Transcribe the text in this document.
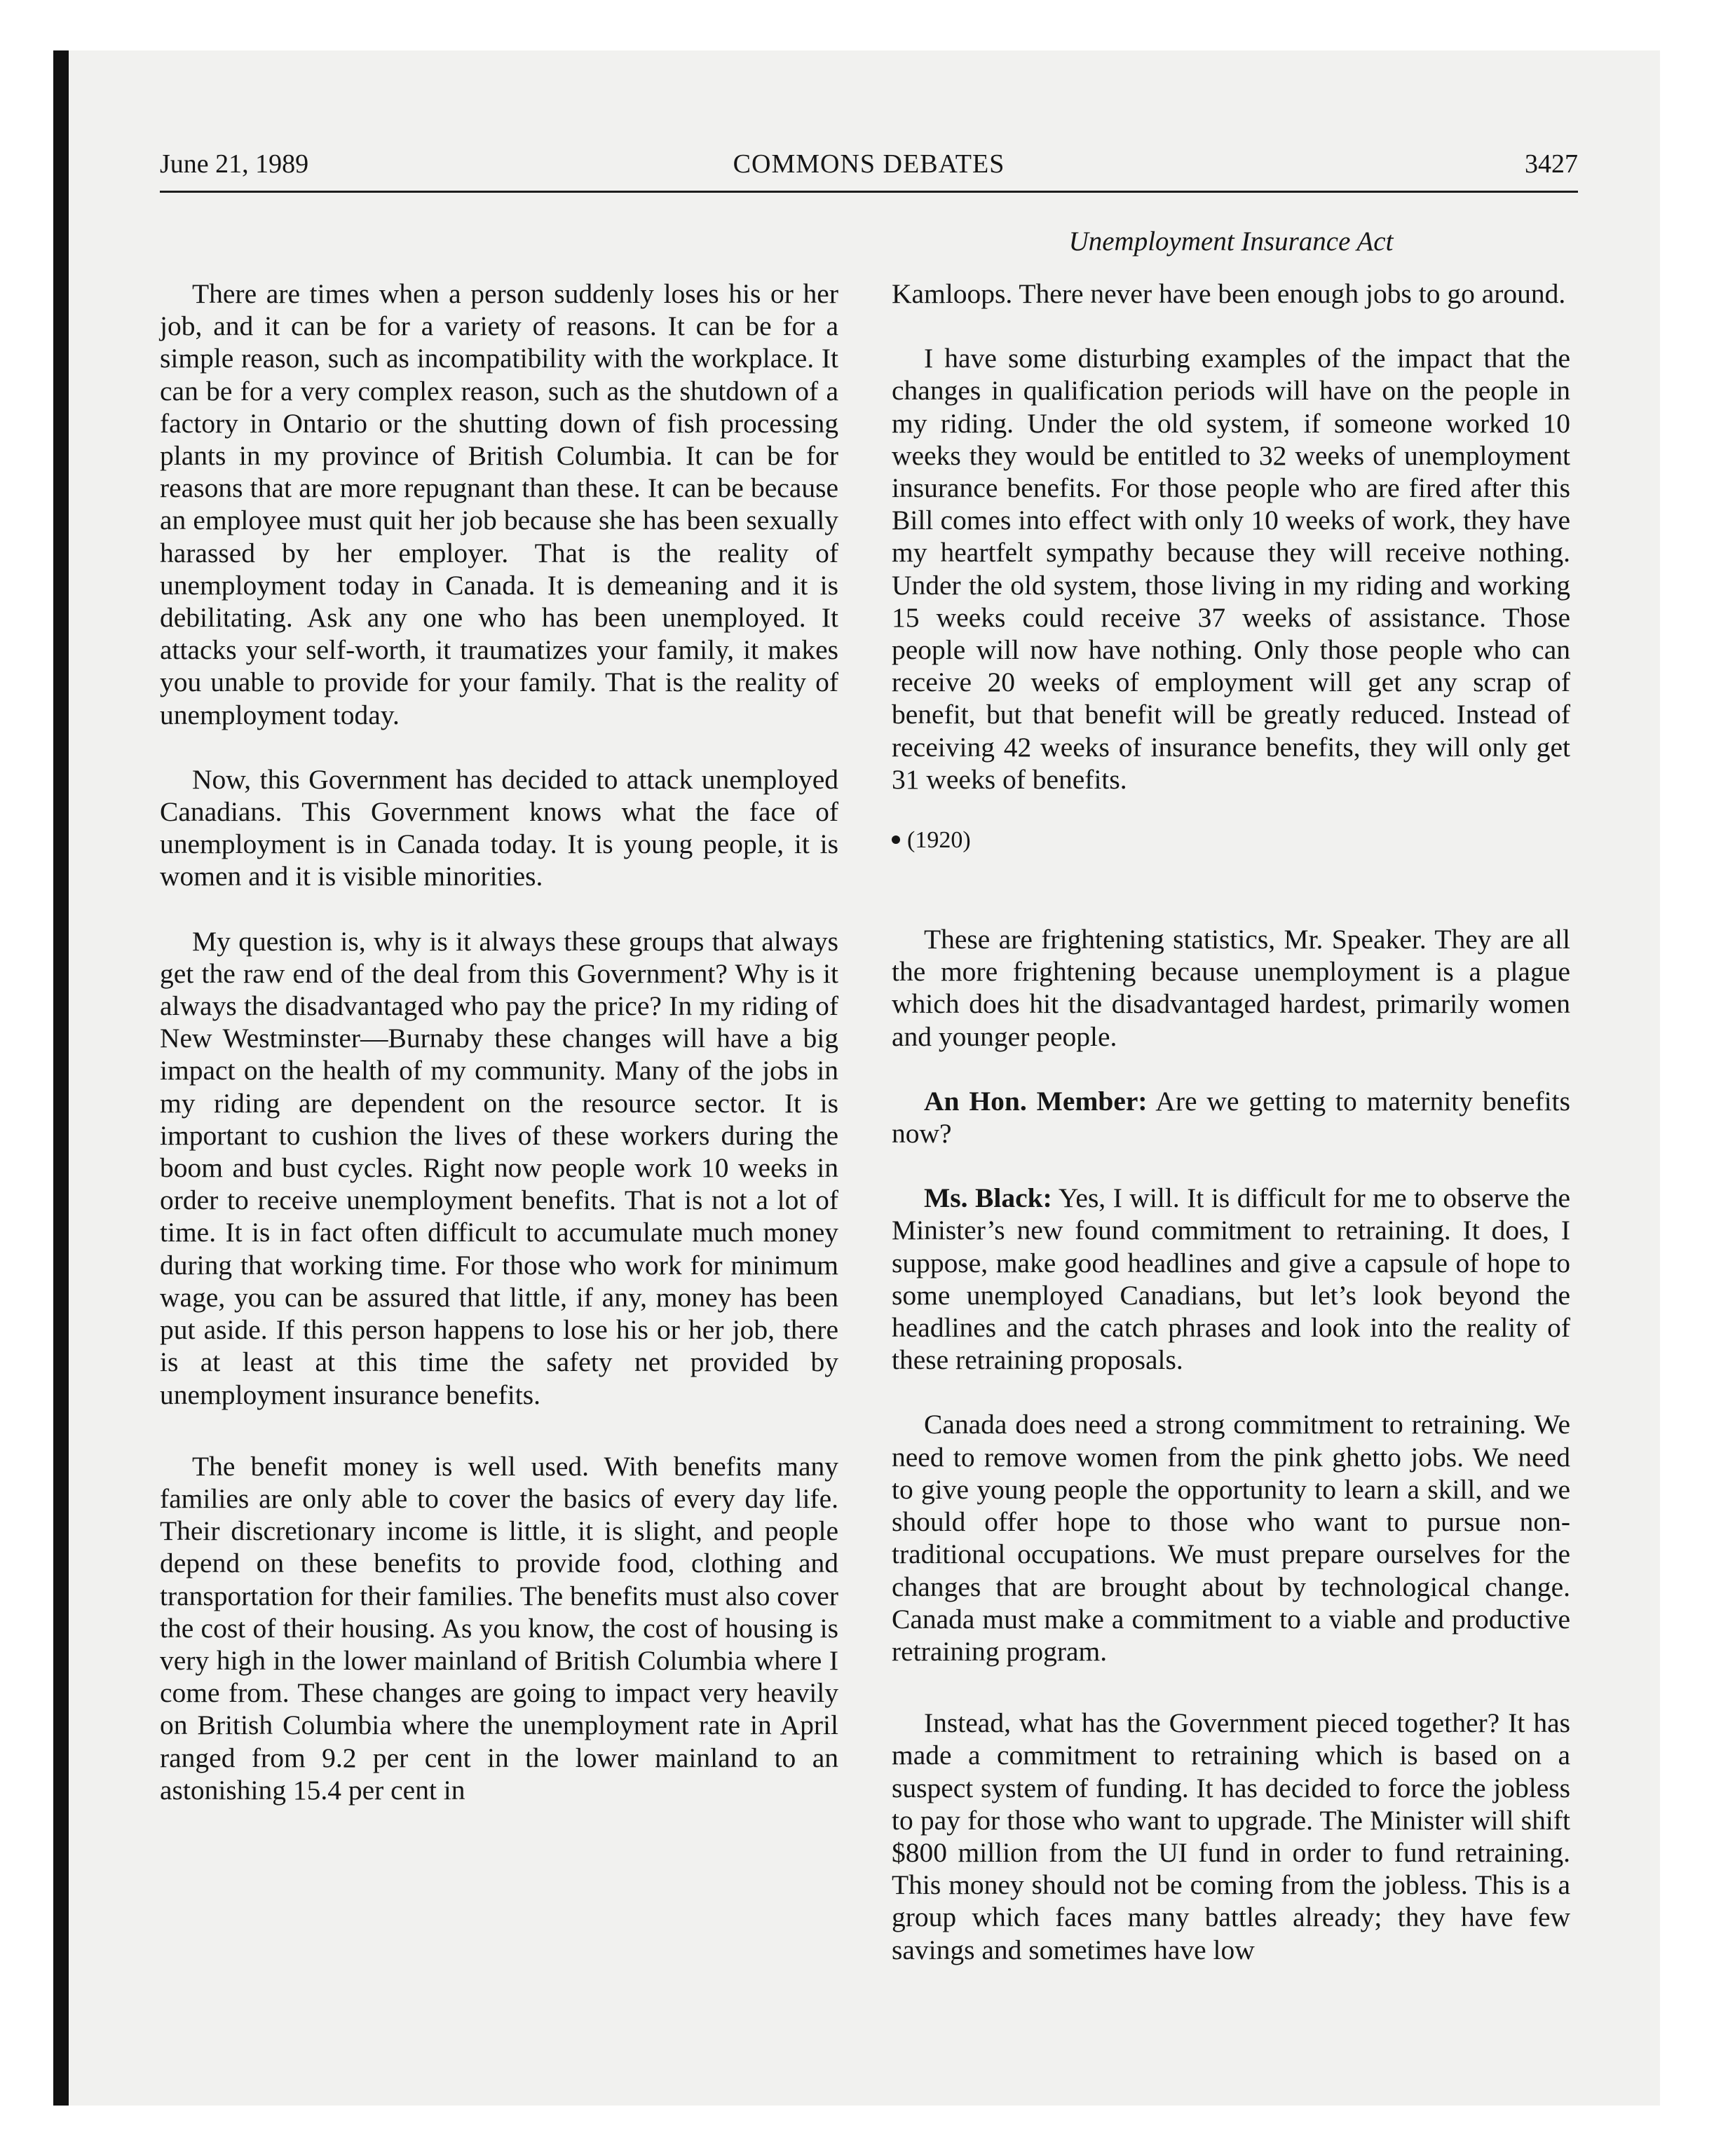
June 21, 1989	COMMONS DEBATES	3427
Unemployment Insurance Act

There are times when a person suddenly loses his or her job, and it can be for a variety of reasons. It can be for a simple reason, such as incompatibility with the workplace. It can be for a very complex reason, such as the shutdown of a factory in Ontario or the shutting down of fish processing plants in my province of British Columbia. It can be for reasons that are more repugnant than these. It can be because an employee must quit her job because she has been sexually harassed by her employer. That is the reality of unemployment today in Canada. It is demeaning and it is debilitating. Ask any one who has been unemployed. It attacks your self-worth, it traumatizes your family, it makes you unable to provide for your family. That is the reality of unemployment today.

Now, this Government has decided to attack unemployed Canadians. This Government knows what the face of unemployment is in Canada today. It is young people, it is women and it is visible minorities.

My question is, why is it always these groups that always get the raw end of the deal from this Government? Why is it always the disadvantaged who pay the price? In my riding of New Westminster—Burnaby these changes will have a big impact on the health of my community. Many of the jobs in my riding are dependent on the resource sector. It is important to cushion the lives of these workers during the boom and bust cycles. Right now people work 10 weeks in order to receive unemployment benefits. That is not a lot of time. It is in fact often difficult to accumulate much money during that working time. For those who work for minimum wage, you can be assured that little, if any, money has been put aside. If this person happens to lose his or her job, there is at least at this time the safety net provided by unemployment insurance benefits.

The benefit money is well used. With benefits many families are only able to cover the basics of every day life. Their discretionary income is little, it is slight, and people depend on these benefits to provide food, clothing and transportation for their families. The benefits must also cover the cost of their housing. As you know, the cost of housing is very high in the lower mainland of British Columbia where I come from. These changes are going to impact very heavily on British Columbia where the unemployment rate in April ranged from 9.2 per cent in the lower mainland to an astonishing 15.4 per cent in

Kamloops. There never have been enough jobs to go around.

I have some disturbing examples of the impact that the changes in qualification periods will have on the people in my riding. Under the old system, if someone worked 10 weeks they would be entitled to 32 weeks of unemployment insurance benefits. For those people who are fired after this Bill comes into effect with only 10 weeks of work, they have my heartfelt sympathy because they will receive nothing. Under the old system, those living in my riding and working 15 weeks could receive 37 weeks of assistance. Those people will now have nothing. Only those people who can receive 20 weeks of employment will get any scrap of benefit, but that benefit will be greatly reduced. Instead of receiving 42 weeks of insurance benefits, they will only get 31 weeks of benefits.

(1920)

These are frightening statistics, Mr. Speaker. They are all the more frightening because unemployment is a plague which does hit the disadvantaged hardest, primarily women and younger people.

An Hon. Member: Are we getting to maternity benefits now?

Ms. Black: Yes, I will. It is difficult for me to observe the Minister’s new found commitment to retraining. It does, I suppose, make good headlines and give a capsule of hope to some unemployed Canadians, but let’s look beyond the headlines and the catch phrases and look into the reality of these retraining proposals.

Canada does need a strong commitment to retraining. We need to remove women from the pink ghetto jobs. We need to give young people the opportunity to learn a skill, and we should offer hope to those who want to pursue non-traditional occupations. We must prepare ourselves for the changes that are brought about by technological change. Canada must make a commitment to a viable and productive retraining program.

Instead, what has the Government pieced together? It has made a commitment to retraining which is based on a suspect system of funding. It has decided to force the jobless to pay for those who want to upgrade. The Minister will shift $800 million from the UI fund in order to fund retraining. This money should not be coming from the jobless. This is a group which faces many battles already; they have few savings and sometimes have low
